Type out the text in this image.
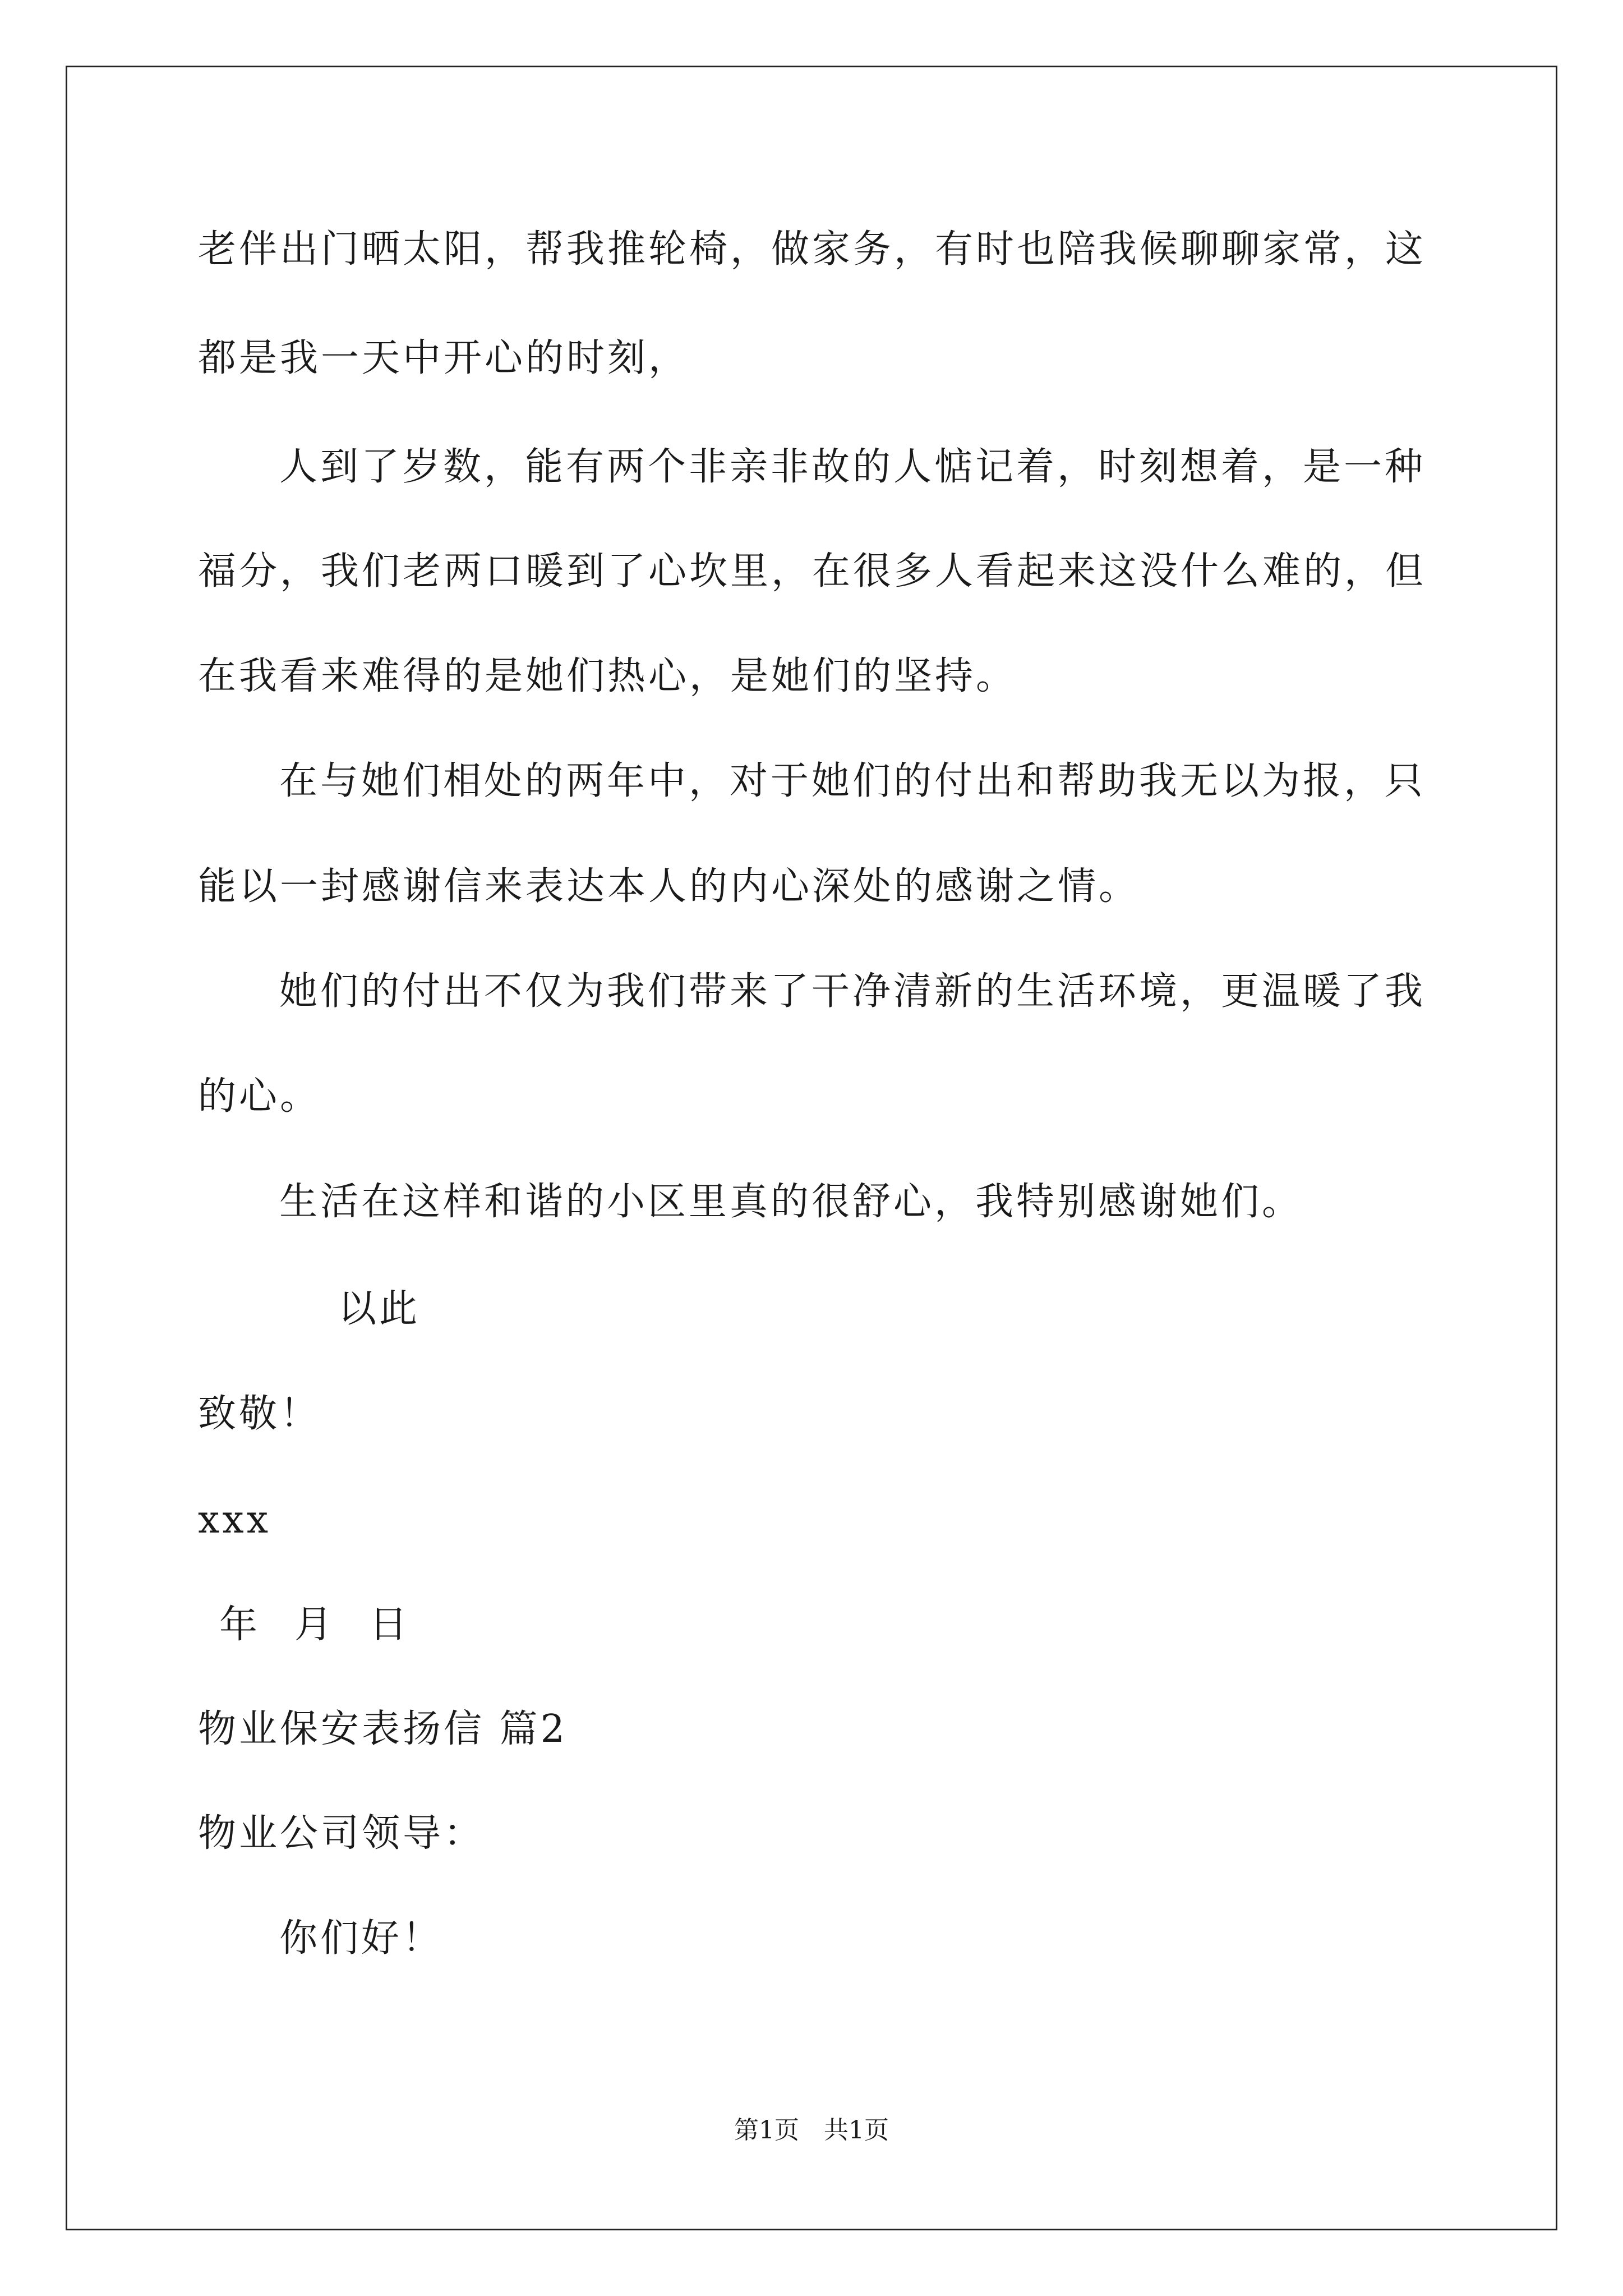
老伴出门晒太阳，帮我推轮椅，做家务，有时也陪我候聊聊家常，这
都是我一天中开心的时刻，
人到了岁数，能有两个非亲非故的人惦记着，时刻想着，是一种
福分，我们老两口暖到了心坎里，在很多人看起来这没什么难的，但
在我看来难得的是她们热心，是她们的坚持。
在与她们相处的两年中，对于她们的付出和帮助我无以为报，只
能以一封感谢信来表达本人的内心深处的感谢之情。
她们的付出不仅为我们带来了干净清新的生活环境，更温暖了我
的心。
生活在这样和谐的小区里真的很舒心，我特别感谢她们。
以此
致敬！
xxx
年 月 日
物业保安表扬信 篇2
物业公司领导：
你们好！
第1页　共1页
